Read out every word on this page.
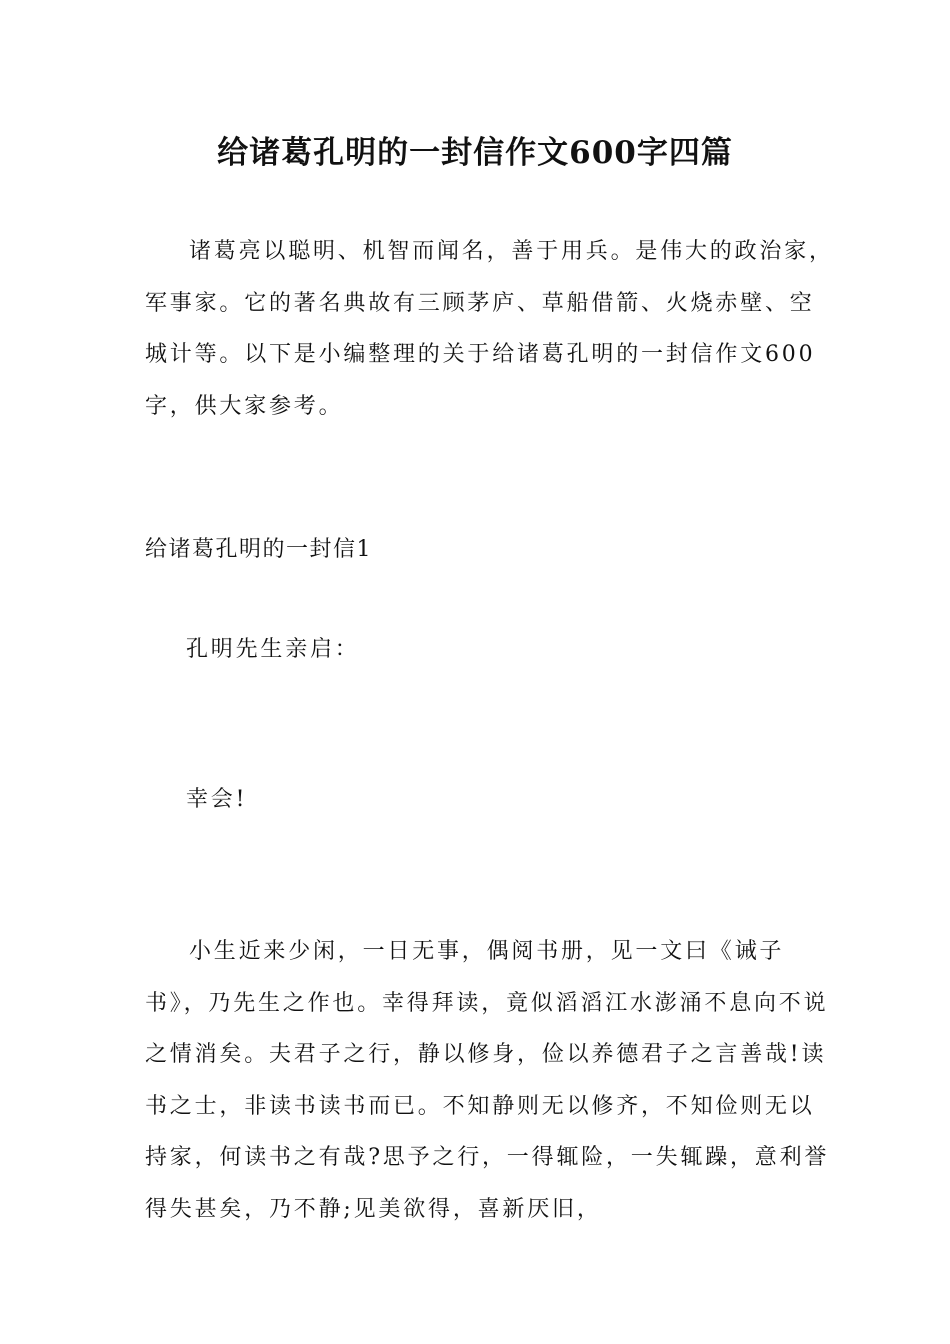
给诸葛孔明的一封信作文600字四篇
诸葛亮以聪明、机智而闻名，善于用兵。是伟大的政治家，军事家。它的著名典故有三顾茅庐、草船借箭、火烧赤壁、空城计等。以下是小编整理的关于给诸葛孔明的一封信作文600字，供大家参考。
给诸葛孔明的一封信1
孔明先生亲启：
幸会!
小生近来少闲，一日无事，偶阅书册，见一文曰《诫子书》，乃先生之作也。幸得拜读，竟似滔滔江水澎涌不息向不说之情消矣。夫君子之行，静以修身，俭以养德君子之言善哉!读书之士，非读书读书而已。不知静则无以修齐，不知俭则无以持家，何读书之有哉?思予之行，一得辄险，一失辄躁，意利誉得失甚矣，乃不静;见美欲得，喜新厌旧，
